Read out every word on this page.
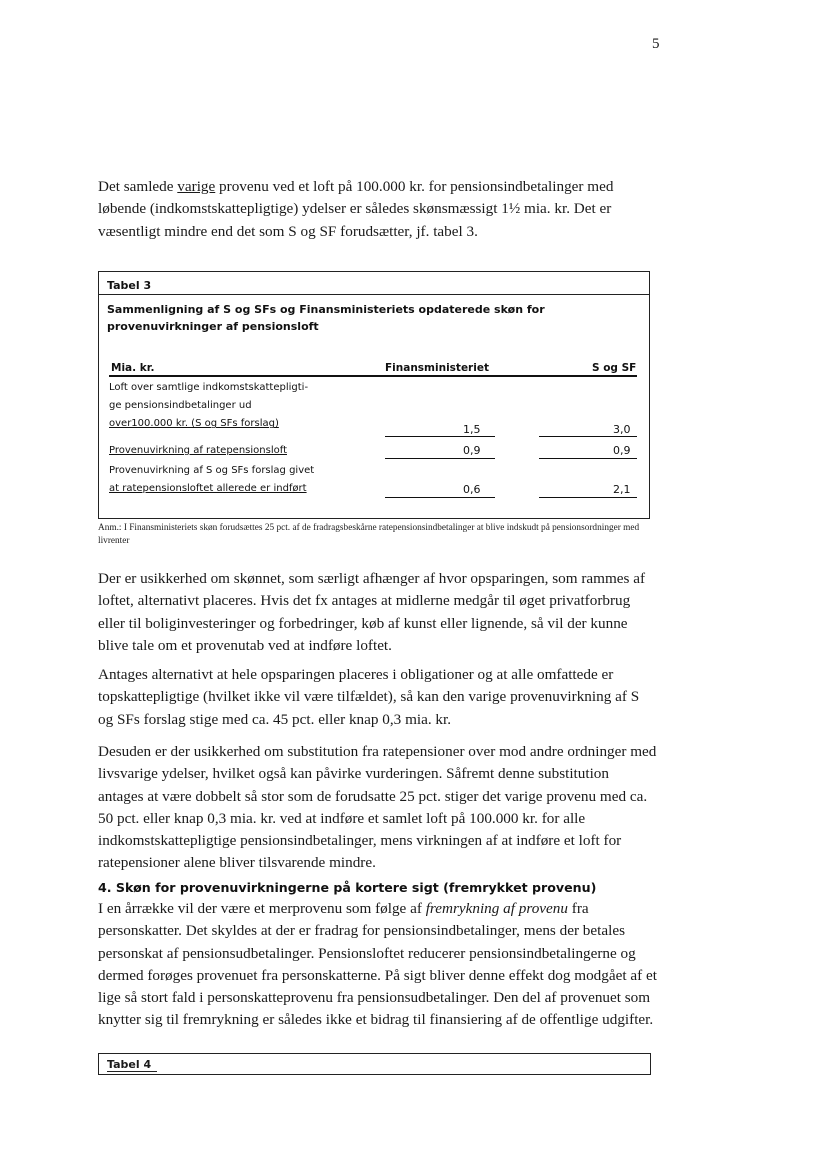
5

Det samlede varige provenu ved et loft på 100.000 kr. for pensionsindbetalinger med løbende (indkomstskattepligtige) ydelser er således skønsmæssigt 1½ mia. kr. Det er væsentligt mindre end det som S og SF forudsætter, jf. tabel 3.

Tabel 3
Sammenligning af S og SFs og Finansministeriets opdaterede skøn for provenuvirkninger af pensionsloft
Mia. kr.	Finansministeriet	S og SF
Loft over samtlige indkomstskattepligti-
ge pensionsindbetalinger ud
over100.000 kr. (S og SFs forslag)	1,5	3,0
Provenuvirkning af ratepensionsloft	0,9	0,9
Provenuvirkning af S og SFs forslag givet
at ratepensionsloftet allerede er indført	0,6	2,1
Anm.: I Finansministeriets skøn forudsættes 25 pct. af de fradragsbeskårne ratepensionsindbetalinger at blive indskudt på pensionsordninger med livrenter

Der er usikkerhed om skønnet, som særligt afhænger af hvor opsparingen, som rammes af loftet, alternativt placeres. Hvis det fx antages at midlerne medgår til øget privatforbrug eller til boliginvesteringer og forbedringer, køb af kunst eller lignende, så vil der kunne blive tale om et provenutab ved at indføre loftet.

Antages alternativt at hele opsparingen placeres i obligationer og at alle omfattede er topskattepligtige (hvilket ikke vil være tilfældet), så kan den varige provenuvirkning af S og SFs forslag stige med ca. 45 pct. eller knap 0,3 mia. kr.

Desuden er der usikkerhed om substitution fra ratepensioner over mod andre ordninger med livsvarige ydelser, hvilket også kan påvirke vurderingen. Såfremt denne substitution antages at være dobbelt så stor som de forudsatte 25 pct. stiger det varige provenu med ca. 50 pct. eller knap 0,3 mia. kr. ved at indføre et samlet loft på 100.000 kr. for alle indkomstskattepligtige pensionsindbetalinger, mens virkningen af at indføre et loft for ratepensioner alene bliver tilsvarende mindre.

4. Skøn for provenuvirkningerne på kortere sigt (fremrykket provenu)

I en årrække vil der være et merprovenu som følge af fremrykning af provenu fra personskatter. Det skyldes at der er fradrag for pensionsindbetalinger, mens der betales personskat af pensionsudbetalinger. Pensionsloftet reducerer pensionsindbetalingerne og dermed forøges provenuet fra personskatterne. På sigt bliver denne effekt dog modgået af et lige så stort fald i personskatteprovenu fra pensionsudbetalinger. Den del af provenuet som knytter sig til fremrykning er således ikke et bidrag til finansiering af de offentlige udgifter.

Tabel 4
